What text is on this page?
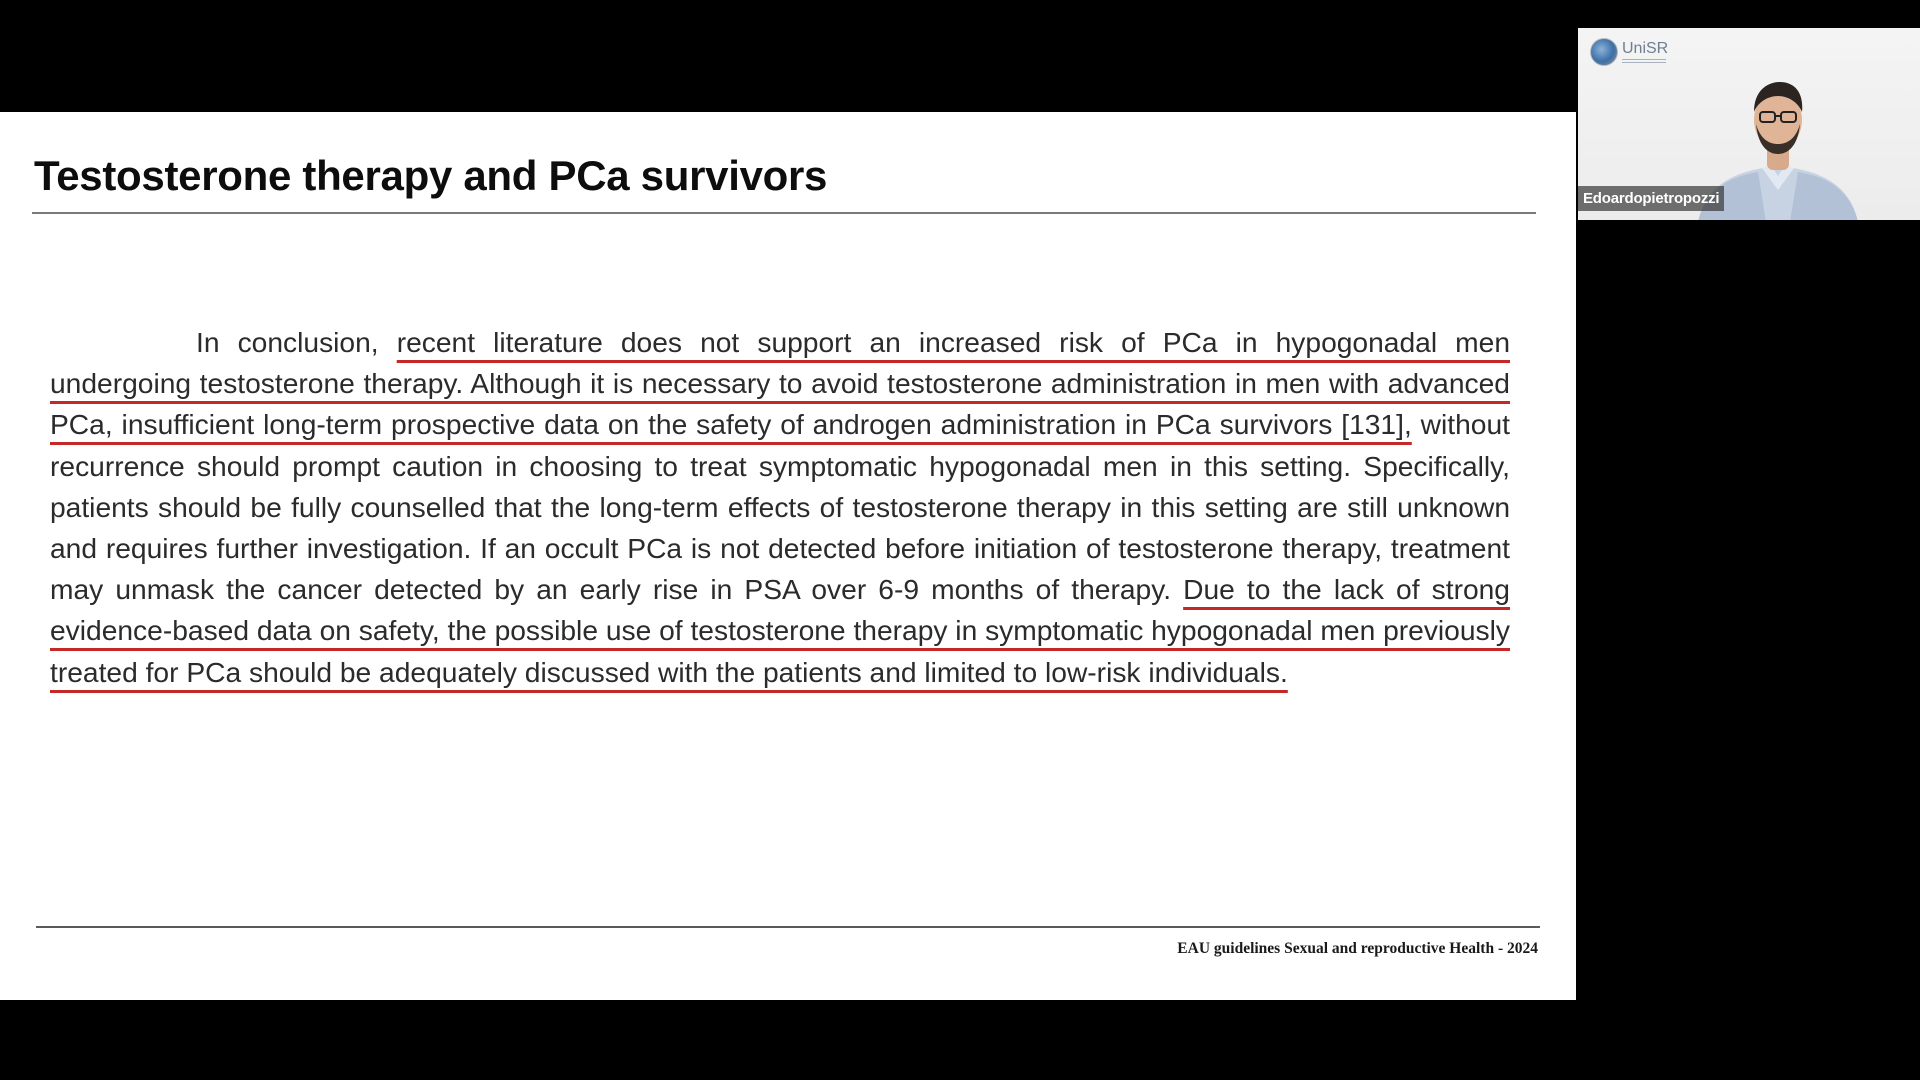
Testosterone therapy and PCa survivors

In conclusion, recent literature does not support an increased risk of PCa in hypogonadal men undergoing testosterone therapy. Although it is necessary to avoid testosterone administration in men with advanced PCa, insufficient long-term prospective data on the safety of androgen administration in PCa survivors [131], without recurrence should prompt caution in choosing to treat symptomatic hypogonadal men in this setting. Specifically, patients should be fully counselled that the long-term effects of testosterone therapy in this setting are still unknown and requires further investigation. If an occult PCa is not detected before initiation of testosterone therapy, treatment may unmask the cancer detected by an early rise in PSA over 6-9 months of therapy. Due to the lack of strong evidence-based data on safety, the possible use of testosterone therapy in symptomatic hypogonadal men previously treated for PCa should be adequately discussed with the patients and limited to low-risk individuals.

EAU guidelines Sexual and reproductive Health - 2024
UniSR
Edoardopietropozzi
